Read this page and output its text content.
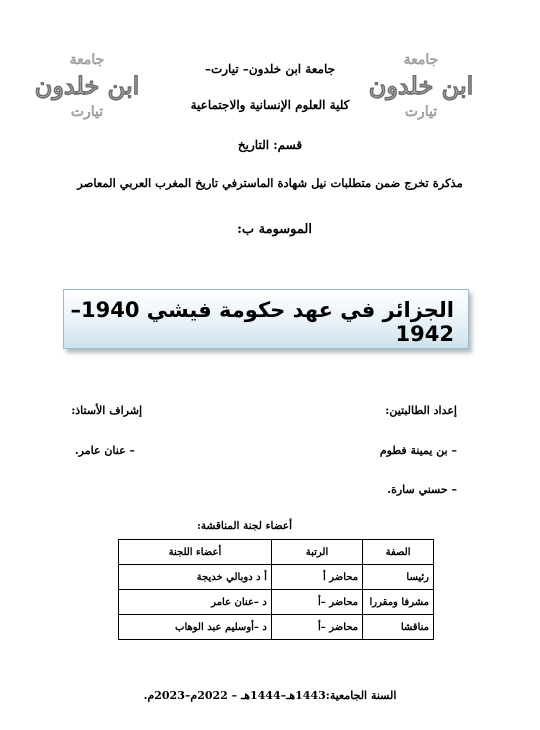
جامعة
ابن خلدون
تيارت
جامعة
ابن خلدون
تيارت
جامعة ابن خلدون– تيارت–
كلية العلوم الإنسانية والاجتماعية
قسم: التاريخ
مذكرة تخرج ضمن متطلبات نيل شهادة الماسترفي تاريخ المغرب العربي المعاصر
الموسومة ب:
الجزائر في عهد حكومة فيشي 1940–1942
إعداد الطالبتين:
إشراف الأستاذ:
– بن يمينة فطوم
– عنان عامر.
– حسني سارة.
أعضاء لجنة المناقشة:
الصفة	الرتبة	أعضاء اللجنة
رئيسا	محاضر أ	أ د دوبالي خديجة
مشرفا ومقررا	محاضر –أ	د –عنان عامر
مناقشا	محاضر –أ	د –أوسليم عبد الوهاب
السنة الجامعية:1443هـ–1444هـ – 2022م–2023م.
